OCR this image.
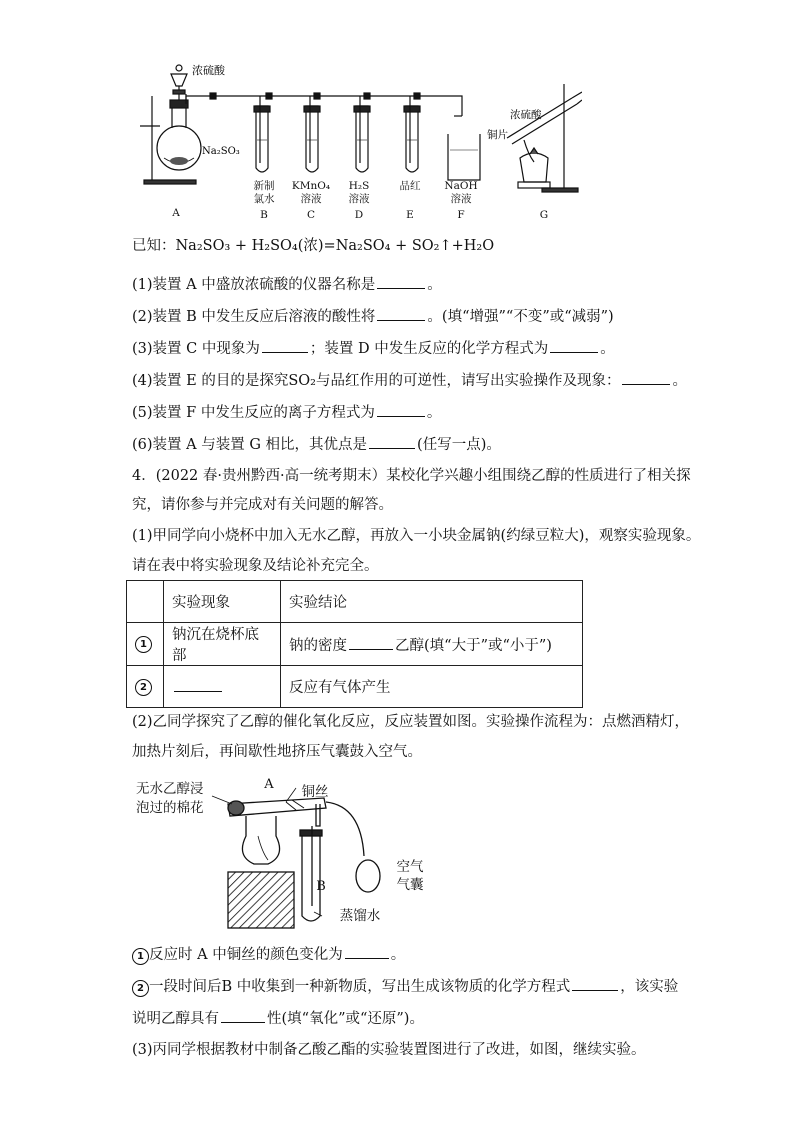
浓硫酸
Na₂SO₃
浓硫酸
铜片
新制
氯水
KMnO₄
溶液
H₂S
溶液
品红	NaOH
溶液
A	B	C	D	E	F	G
已知：Na₂SO₃ + H₂SO₄(浓)=Na₂SO₄ + SO₂↑+H₂O
(1)装置 A 中盛放浓硫酸的仪器名称是	。
(2)装置 B 中发生反应后溶液的酸性将	。(填“增强”“不变”或“减弱”)
(3)装置 C 中现象为	；装置 D 中发生反应的化学方程式为	。
(4)装置 E 的目的是探究SO₂与品红作用的可逆性，请写出实验操作及现象：	。
(5)装置 F 中发生反应的离子方程式为	。
(6)装置 A 与装置 G 相比，其优点是	(任写一点)。
4．(2022 春·贵州黔西·高一统考期末）某校化学兴趣小组围绕乙醇的性质进行了相关探
究，请你参与并完成对有关问题的解答。
(1)甲同学向小烧杯中加入无水乙醇，再放入一小块金属钠(约绿豆粒大)，观察实验现象。
请在表中将实验现象及结论补充完全。
	实验现象	实验结论
1	钠沉在烧杯底部	钠的密度 乙醇(填“大于”或“小于”)
2		反应有气体产生
(2)乙同学探究了乙醇的催化氧化反应，反应装置如图。实验操作流程为：点燃酒精灯，
加热片刻后，再间歇性地挤压气囊鼓入空气。
无水乙醇浸
泡过的棉花
A	铜丝
空气
气囊
B
蒸馏水
1 反应时 A 中铜丝的颜色变化为	。
2 一段时间后B 中收集到一种新物质，写出生成该物质的化学方程式	，该实验
说明乙醇具有	性(填“氧化”或“还原”)。
(3)丙同学根据教材中制备乙酸乙酯的实验装置图进行了改进，如图，继续实验。
